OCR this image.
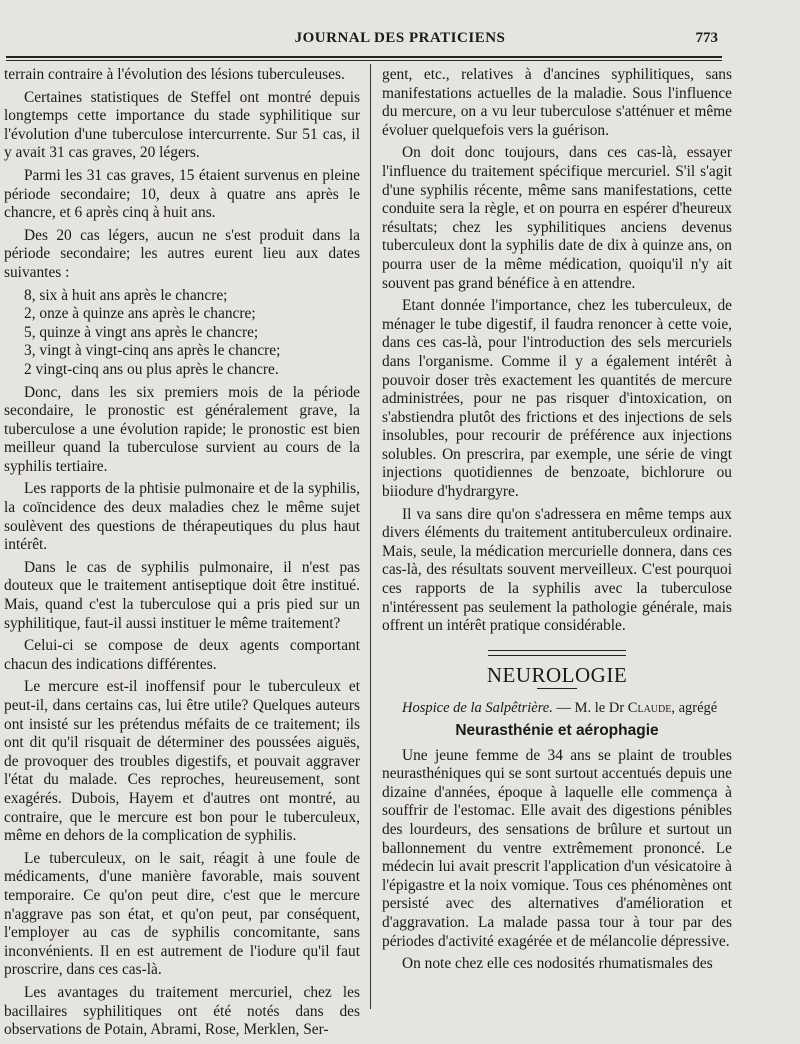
JOURNAL DES PRATICIENS	773

terrain contraire à l'évolution des lésions tuberculeuses.

Certaines statistiques de Steffel ont montré depuis longtemps cette importance du stade syphilitique sur l'évolution d'une tuberculose intercurrente. Sur 51 cas, il y avait 31 cas graves, 20 légers.

Parmi les 31 cas graves, 15 étaient survenus en pleine période secondaire; 10, deux à quatre ans après le chancre, et 6 après cinq à huit ans.

Des 20 cas légers, aucun ne s'est produit dans la période secondaire; les autres eurent lieu aux dates suivantes :

8, six à huit ans après le chancre;

2, onze à quinze ans après le chancre;

5, quinze à vingt ans après le chancre;

3, vingt à vingt-cinq ans après le chancre;

2 vingt-cinq ans ou plus après le chancre.

Donc, dans les six premiers mois de la période secondaire, le pronostic est généralement grave, la tuberculose a une évolution rapide; le pronostic est bien meilleur quand la tuberculose survient au cours de la syphilis tertiaire.

Les rapports de la phtisie pulmonaire et de la syphilis, la coïncidence des deux maladies chez le même sujet soulèvent des questions de thérapeutiques du plus haut intérêt.

Dans le cas de syphilis pulmonaire, il n'est pas douteux que le traitement antiseptique doit être institué. Mais, quand c'est la tuberculose qui a pris pied sur un syphilitique, faut-il aussi instituer le même traitement?

Celui-ci se compose de deux agents comportant chacun des indications différentes.

Le mercure est-il inoffensif pour le tuberculeux et peut-il, dans certains cas, lui être utile? Quelques auteurs ont insisté sur les prétendus méfaits de ce traitement; ils ont dit qu'il risquait de déterminer des poussées aiguës, de provoquer des troubles digestifs, et pouvait aggraver l'état du malade. Ces reproches, heureusement, sont exagérés. Dubois, Hayem et d'autres ont montré, au contraire, que le mercure est bon pour le tuberculeux, même en dehors de la complication de syphilis.

Le tuberculeux, on le sait, réagit à une foule de médicaments, d'une manière favorable, mais souvent temporaire. Ce qu'on peut dire, c'est que le mercure n'aggrave pas son état, et qu'on peut, par conséquent, l'employer au cas de syphilis concomitante, sans inconvénients. Il en est autrement de l'iodure qu'il faut proscrire, dans ces cas-là.

Les avantages du traitement mercuriel, chez les bacillaires syphilitiques ont été notés dans des observations de Potain, Abrami, Rose, Merklen, Ser-

gent, etc., relatives à d'ancines syphilitiques, sans manifestations actuelles de la maladie. Sous l'influence du mercure, on a vu leur tuberculose s'atténuer et même évoluer quelquefois vers la guérison.

On doit donc toujours, dans ces cas-là, essayer l'influence du traitement spécifique mercuriel. S'il s'agit d'une syphilis récente, même sans manifestations, cette conduite sera la règle, et on pourra en espérer d'heureux résultats; chez les syphilitiques anciens devenus tuberculeux dont la syphilis date de dix à quinze ans, on pourra user de la même médication, quoiqu'il n'y ait souvent pas grand bénéfice à en attendre.

Etant donnée l'importance, chez les tuberculeux, de ménager le tube digestif, il faudra renoncer à cette voie, dans ces cas-là, pour l'introduction des sels mercuriels dans l'organisme. Comme il y a également intérêt à pouvoir doser très exactement les quantités de mercure administrées, pour ne pas risquer d'intoxication, on s'abstiendra plutôt des frictions et des injections de sels insolubles, pour recourir de préférence aux injections solubles. On prescrira, par exemple, une série de vingt injections quotidiennes de benzoate, bichlorure ou biiodure d'hydrargyre.

Il va sans dire qu'on s'adressera en même temps aux divers éléments du traitement antituberculeux ordinaire. Mais, seule, la médication mercurielle donnera, dans ces cas-là, des résultats souvent merveilleux. C'est pourquoi ces rapports de la syphilis avec la tuberculose n'intéressent pas seulement la pathologie générale, mais offrent un intérêt pratique considérable.

NEUROLOGIE

Hospice de la Salpêtrière. — M. le Dr Claude, agrégé

Neurasthénie et aérophagie

Une jeune femme de 34 ans se plaint de troubles neurasthéniques qui se sont surtout accentués depuis une dizaine d'années, époque à laquelle elle commença à souffrir de l'estomac. Elle avait des digestions pénibles des lourdeurs, des sensations de brûlure et surtout un ballonnement du ventre extrêmement prononcé. Le médecin lui avait prescrit l'application d'un vésicatoire à l'épigastre et la noix vomique. Tous ces phénomènes ont persisté avec des alternatives d'amélioration et d'aggravation. La malade passa tour à tour par des périodes d'activité exagérée et de mélancolie dépressive.

On note chez elle ces nodosités rhumatismales des
